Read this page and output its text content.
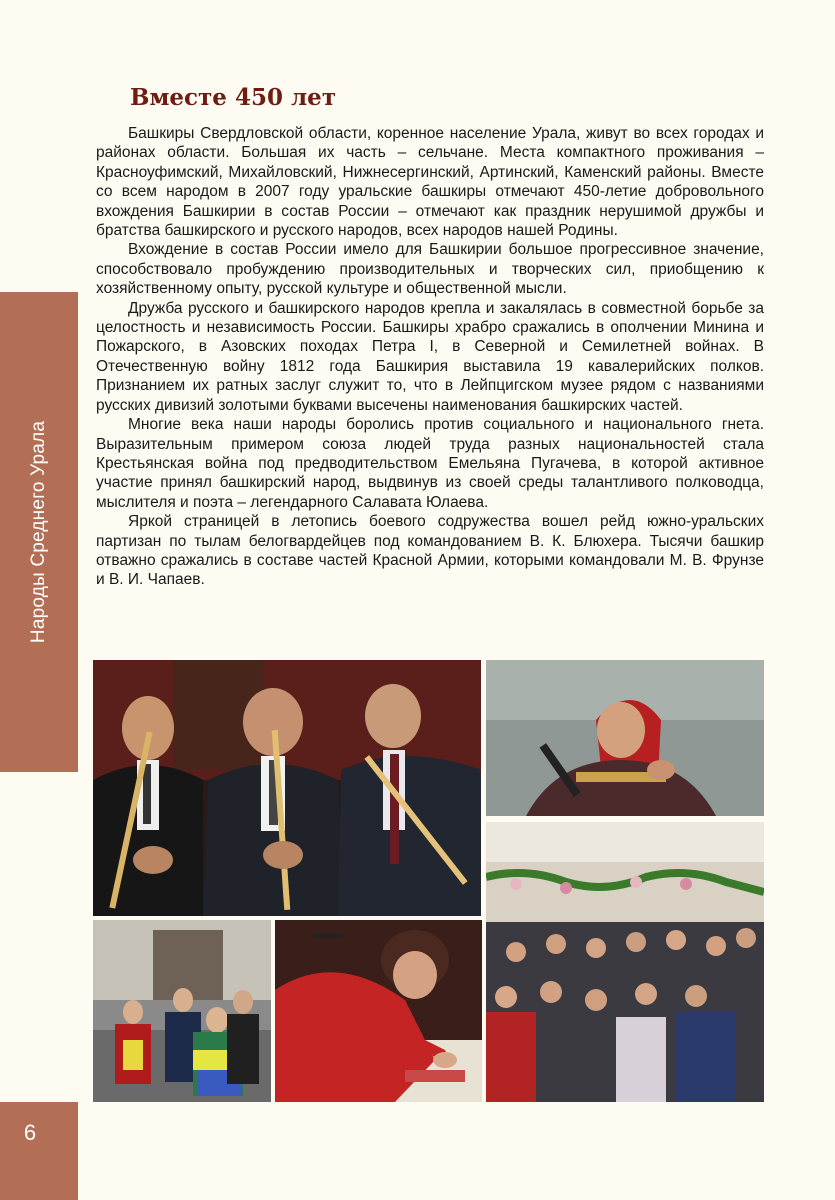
Народы Среднего Урала
Вместе 450 лет

Башкиры Свердловской области, коренное население Урала, живут во всех городах и районах области. Большая их часть – сельчане. Места компактного проживания – Красноуфимский, Михайловский, Нижнесергинский, Артинский, Каменский районы. Вместе со всем народом в 2007 году уральские башкиры отмечают 450-летие добровольного вхождения Башкирии в состав России – отмечают как праздник нерушимой дружбы и братства башкирского и русского народов, всех народов нашей Родины.

Вхождение в состав России имело для Башкирии большое прогрессивное значение, способствовало пробуждению производительных и творческих сил, приобщению к хозяйственному опыту, русской культуре и общественной мысли.

Дружба русского и башкирского народов крепла и закалялась в совместной борьбе за целостность и независимость России. Башкиры храбро сражались в ополчении Минина и Пожарского, в Азовских походах Петра I, в Северной и Семилетней войнах. В Отечественную войну 1812 года Башкирия выставила 19 кавалерийских полков. Признанием их ратных заслуг служит то, что в Лейпцигском музее рядом с названиями русских дивизий золотыми буквами высечены наименования башкирских частей.

Многие века наши народы боролись против социального и национального гнета. Выразительным примером союза людей труда разных национальностей стала Крестьянская война под предводительством Емельяна Пугачева, в которой активное участие принял башкирский народ, выдвинув из своей среды талантливого полководца, мыслителя и поэта – легендарного Салавата Юлаева.

Яркой страницей в летопись боевого содружества вошел рейд южно-уральских партизан по тылам белогвардейцев под командованием В. К. Блюхера. Тысячи башкир отважно сражались в составе частей Красной Армии, которыми командовали М. В. Фрунзе и В. И. Чапаев.

6
